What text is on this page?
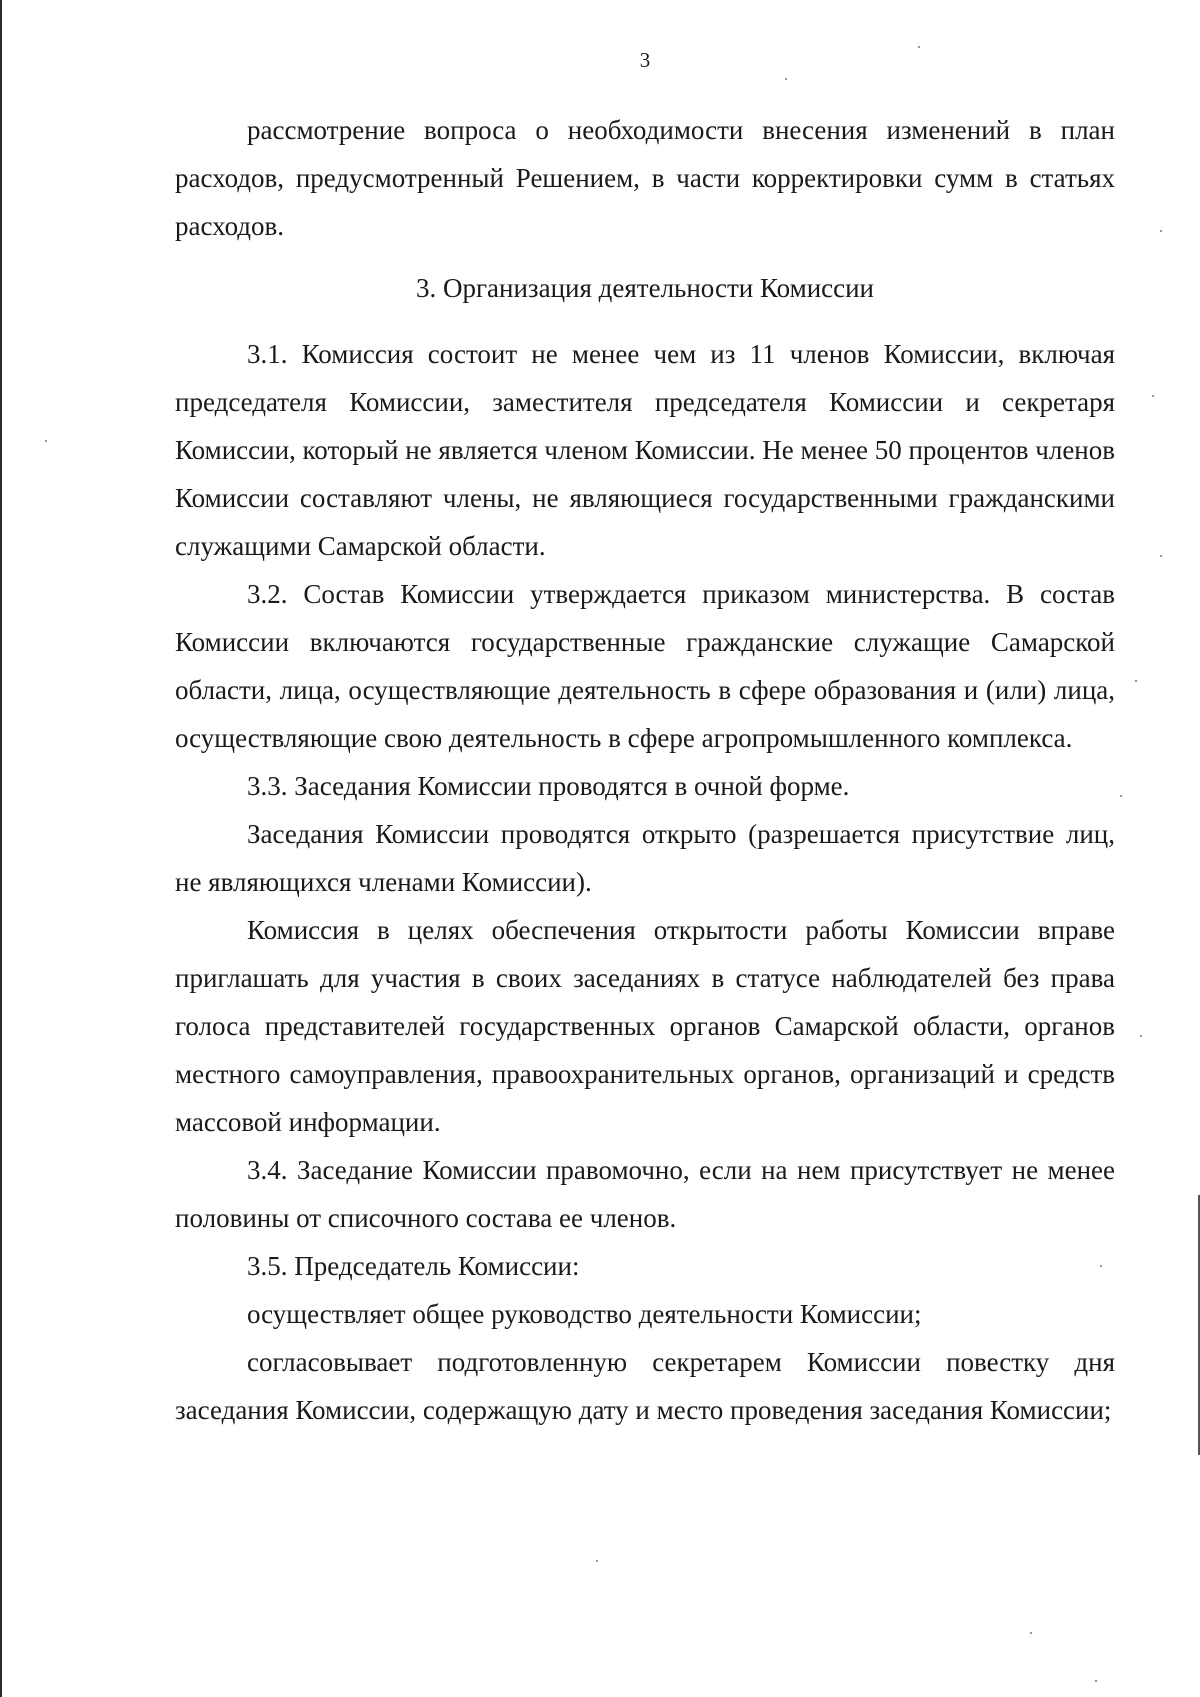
3

рассмотрение вопроса о необходимости внесения изменений в план расходов, предусмотренный Решением, в части корректировки сумм в статьях расходов.

3. Организация деятельности Комиссии

3.1. Комиссия состоит не менее чем из 11 членов Комиссии, включая председателя Комиссии, заместителя председателя Комиссии и секретаря Комиссии, который не является членом Комиссии. Не менее 50 процентов членов Комиссии составляют члены, не являющиеся государственными гражданскими служащими Самарской области.

3.2. Состав Комиссии утверждается приказом министерства. В состав Комиссии включаются государственные гражданские служащие Самарской области, лица, осуществляющие деятельность в сфере образования и (или) лица, осуществляющие свою деятельность в сфере агропромышленного комплекса.

3.3. Заседания Комиссии проводятся в очной форме.

Заседания Комиссии проводятся открыто (разрешается присутствие лиц, не являющихся членами Комиссии).

Комиссия в целях обеспечения открытости работы Комиссии вправе приглашать для участия в своих заседаниях в статусе наблюдателей без права голоса представителей государственных органов Самарской области, органов местного самоуправления, правоохранительных органов, организаций и средств массовой информации.

3.4. Заседание Комиссии правомочно, если на нем присутствует не менее половины от списочного состава ее членов.

3.5. Председатель Комиссии:

осуществляет общее руководство деятельности Комиссии;

согласовывает подготовленную секретарем Комиссии повестку дня заседания Комиссии, содержащую дату и место проведения заседания Комиссии;
